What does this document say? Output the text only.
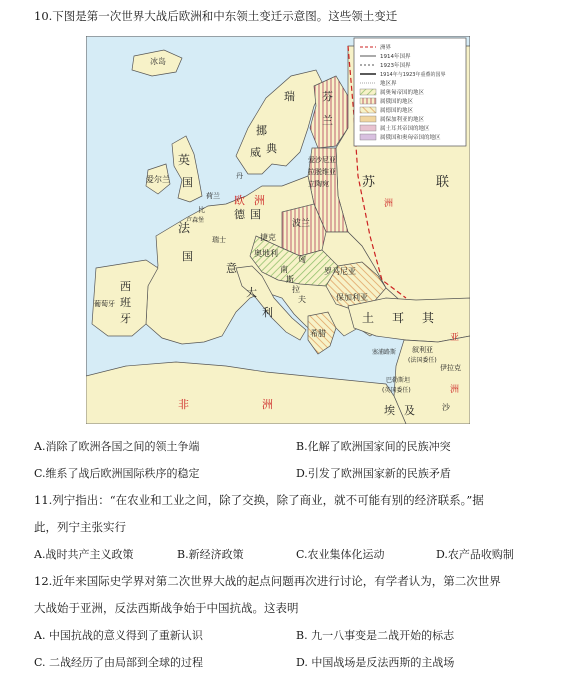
10.下图是第一次世界大战后欧洲和中东领土变迁示意图。这些领土变迁
洲界
1914年国界
1923年国界
1914年与1923年重叠的国界
地区界
属奥匈帝国的地区
属俄国的地区
属德国的地区
属保加利亚的地区
属土耳其帝国的地区
属俄国和奥匈帝国的地区
冰岛
挪
威
瑞
典
芬
兰
英
爱尔兰 国
欧 洲
荷兰
比
卢森堡
丹
德 国
法
国
瑞士
立陶宛
拉脱维亚
爱沙尼亚
波兰
捷克
奥地利
匈
罗马尼亚
苏	联
洲
西
班
牙
葡萄牙
意
大
利
南
斯
拉
夫	保加利亚
希腊
土 耳 其
叙利亚
(法国委任)
塞浦路斯
巴勒斯坦
(英国委任)
伊拉克
非	洲	埃 及	沙
亚
洲
A.消除了欧洲各国之间的领土争端	B.化解了欧洲国家间的民族冲突
C.维系了战后欧洲国际秩序的稳定	D.引发了欧洲国家新的民族矛盾
11.列宁指出：“在农业和工业之间，除了交换，除了商业，就不可能有别的经济联系。”据
此，列宁主张实行
A.战时共产主义政策	B.新经济政策	C.农业集体化运动	D.农产品收购制
12.近年来国际史学界对第二次世界大战的起点问题再次进行讨论，有学者认为，第二次世界
大战始于亚洲，反法西斯战争始于中国抗战。这表明
A. 中国抗战的意义得到了重新认识	B. 九一八事变是二战开始的标志
C. 二战经历了由局部到全球的过程	D. 中国战场是反法西斯的主战场
